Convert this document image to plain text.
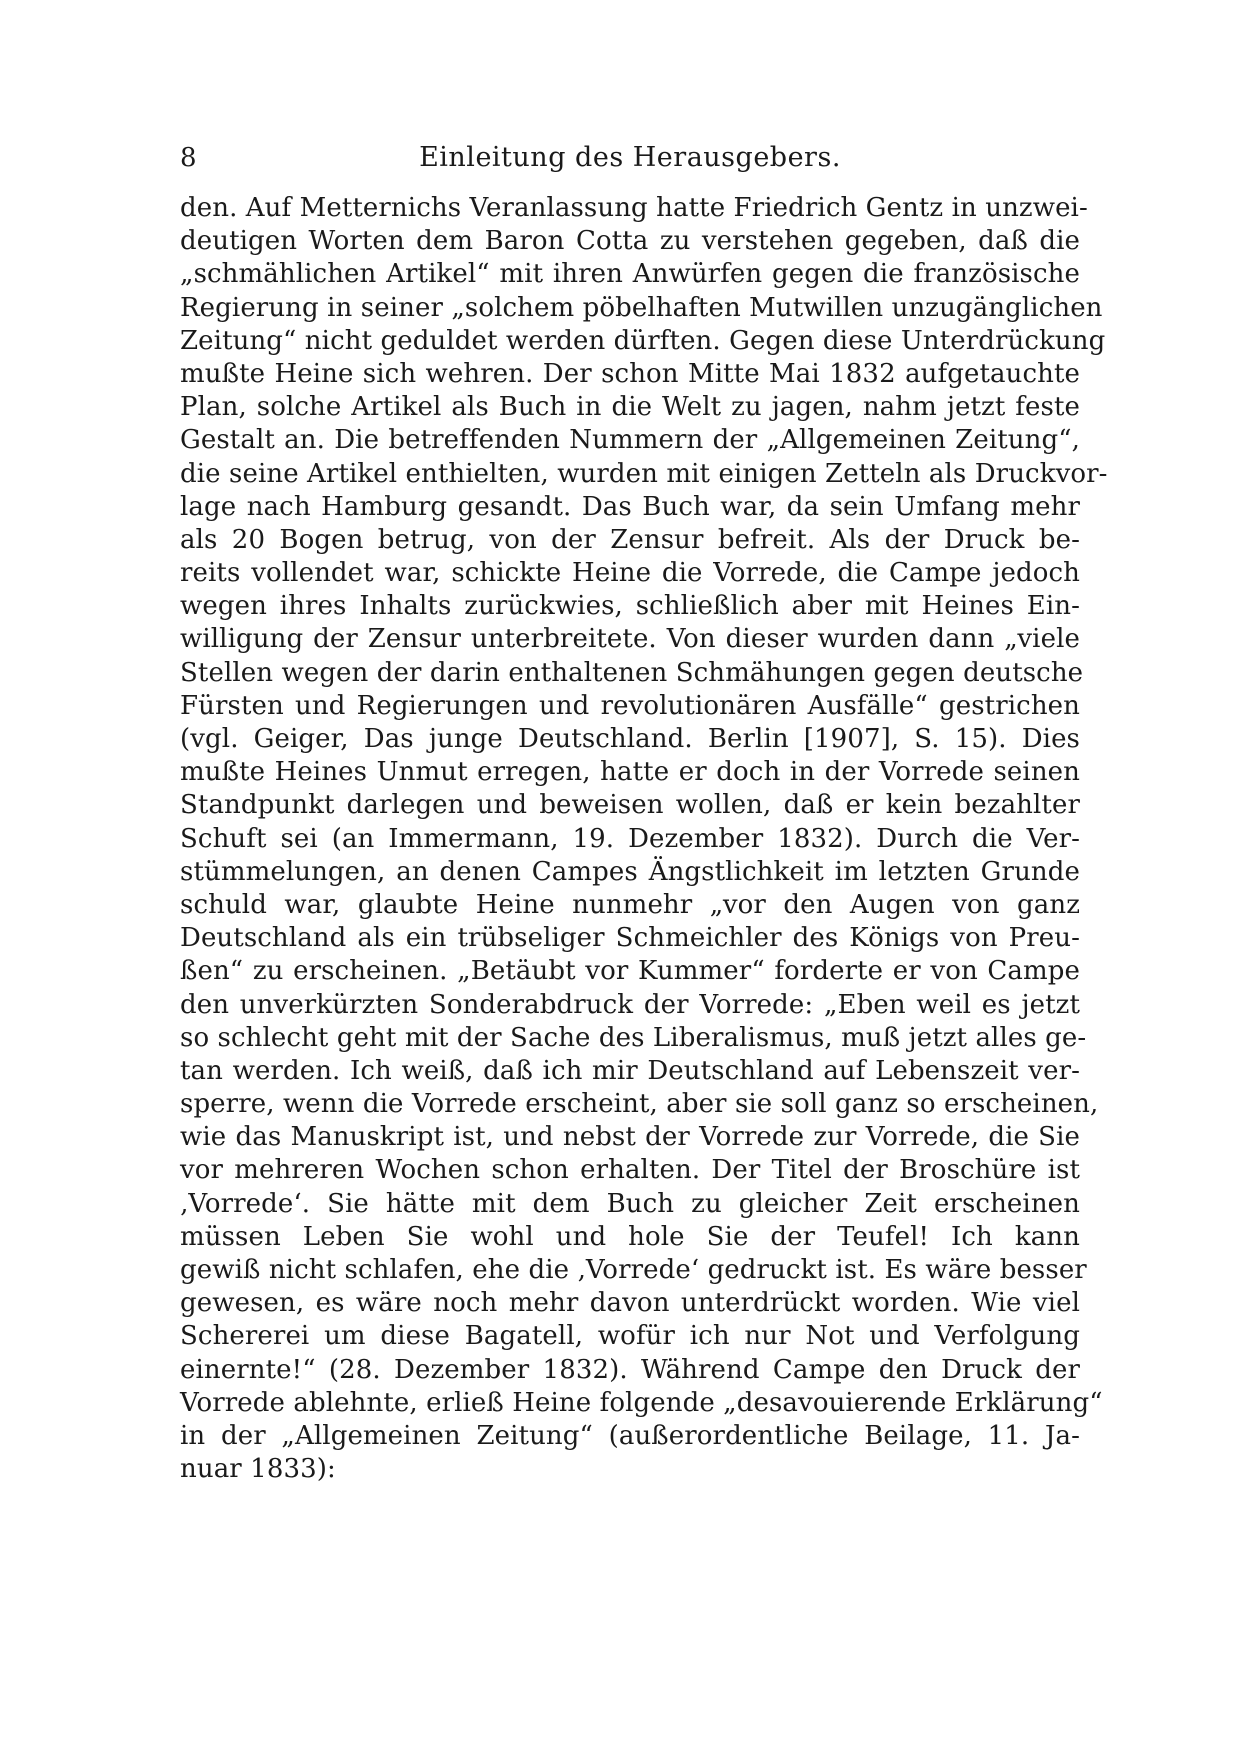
8	Einleitung des Herausgebers.
den. Auf Metternichs Veranlassung hatte Friedrich Gentz in unzwei-
deutigen Worten dem Baron Cotta zu verstehen gegeben, daß die
„schmählichen Artikel“ mit ihren Anwürfen gegen die französische
Regierung in seiner „solchem pöbelhaften Mutwillen unzugänglichen
Zeitung“ nicht geduldet werden dürften. Gegen diese Unterdrückung
mußte Heine sich wehren. Der schon Mitte Mai 1832 aufgetauchte
Plan, solche Artikel als Buch in die Welt zu jagen, nahm jetzt feste
Gestalt an. Die betreffenden Nummern der „Allgemeinen Zeitung“,
die seine Artikel enthielten, wurden mit einigen Zetteln als Druckvor-
lage nach Hamburg gesandt. Das Buch war, da sein Umfang mehr
als 20 Bogen betrug, von der Zensur befreit. Als der Druck be-
reits vollendet war, schickte Heine die Vorrede, die Campe jedoch
wegen ihres Inhalts zurückwies, schließlich aber mit Heines Ein-
willigung der Zensur unterbreitete. Von dieser wurden dann „viele
Stellen wegen der darin enthaltenen Schmähungen gegen deutsche
Fürsten und Regierungen und revolutionären Ausfälle“ gestrichen
(vgl. Geiger, Das junge Deutschland. Berlin [1907], S. 15). Dies
mußte Heines Unmut erregen, hatte er doch in der Vorrede seinen
Standpunkt darlegen und beweisen wollen, daß er kein bezahlter
Schuft sei (an Immermann, 19. Dezember 1832). Durch die Ver-
stümmelungen, an denen Campes Ängstlichkeit im letzten Grunde
schuld war, glaubte Heine nunmehr „vor den Augen von ganz
Deutschland als ein trübseliger Schmeichler des Königs von Preu-
ßen“ zu erscheinen. „Betäubt vor Kummer“ forderte er von Campe
den unverkürzten Sonderabdruck der Vorrede: „Eben weil es jetzt
so schlecht geht mit der Sache des Liberalismus, muß jetzt alles ge-
tan werden. Ich weiß, daß ich mir Deutschland auf Lebenszeit ver-
sperre, wenn die Vorrede erscheint, aber sie soll ganz so erscheinen,
wie das Manuskript ist, und nebst der Vorrede zur Vorrede, die Sie
vor mehreren Wochen schon erhalten. Der Titel der Broschüre ist
‚Vorrede‘. Sie hätte mit dem Buch zu gleicher Zeit erscheinen
müssen Leben Sie wohl und hole Sie der Teufel! Ich kann
gewiß nicht schlafen, ehe die ‚Vorrede‘ gedruckt ist. Es wäre besser
gewesen, es wäre noch mehr davon unterdrückt worden. Wie viel
Schererei um diese Bagatell, wofür ich nur Not und Verfolgung
einernte!“ (28. Dezember 1832). Während Campe den Druck der
Vorrede ablehnte, erließ Heine folgende „desavouierende Erklärung“
in der „Allgemeinen Zeitung“ (außerordentliche Beilage, 11. Ja-
nuar 1833):
